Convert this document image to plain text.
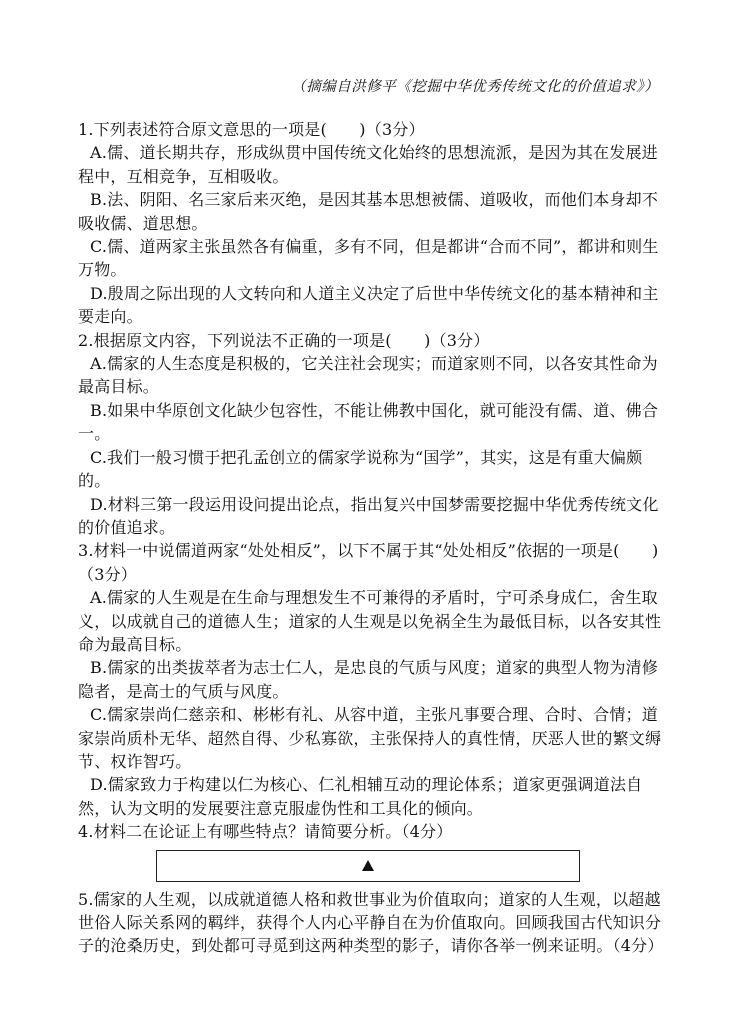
（摘编自洪修平《挖掘中华优秀传统文化的价值追求》）

1.下列表述符合原文意思的一项是(　　)（3分）

A.儒、道长期共存，形成纵贯中国传统文化始终的思想流派，是因为其在发展进程中，互相竞争，互相吸收。

B.法、阴阳、名三家后来灭绝，是因其基本思想被儒、道吸收，而他们本身却不吸收儒、道思想。

C.儒、道两家主张虽然各有偏重，多有不同，但是都讲“合而不同”，都讲和则生万物。

D.殷周之际出现的人文转向和人道主义决定了后世中华传统文化的基本精神和主要走向。

2.根据原文内容，下列说法不正确的一项是(　　)（3分）

A.儒家的人生态度是积极的，它关注社会现实；而道家则不同，以各安其性命为最高目标。

B.如果中华原创文化缺少包容性，不能让佛教中国化，就可能没有儒、道、佛合一。

C.我们一般习惯于把孔孟创立的儒家学说称为“国学”，其实，这是有重大偏颇的。

D.材料三第一段运用设问提出论点，指出复兴中国梦需要挖掘中华优秀传统文化的价值追求。

3.材料一中说儒道两家“处处相反”，以下不属于其“处处相反”依据的一项是(　　)（3分）

A.儒家的人生观是在生命与理想发生不可兼得的矛盾时，宁可杀身成仁，舍生取义，以成就自己的道德人生；道家的人生观是以免祸全生为最低目标，以各安其性命为最高目标。

B.儒家的出类拔萃者为志士仁人，是忠良的气质与风度；道家的典型人物为清修隐者，是高士的气质与风度。

C.儒家崇尚仁慈亲和、彬彬有礼、从容中道，主张凡事要合理、合时、合情；道家崇尚质朴无华、超然自得、少私寡欲，主张保持人的真性情，厌恶人世的繁文缛节、权诈智巧。

D.儒家致力于构建以仁为核心、仁礼相辅互动的理论体系；道家更强调道法自然，认为文明的发展要注意克服虚伪性和工具化的倾向。

4.材料二在论证上有哪些特点？请简要分析。（4分）

5.儒家的人生观，以成就道德人格和救世事业为价值取向；道家的人生观，以超越世俗人际关系网的羁绊，获得个人内心平静自在为价值取向。回顾我国古代知识分子的沧桑历史，到处都可寻觅到这两种类型的影子，请你各举一例来证明。（4分）
